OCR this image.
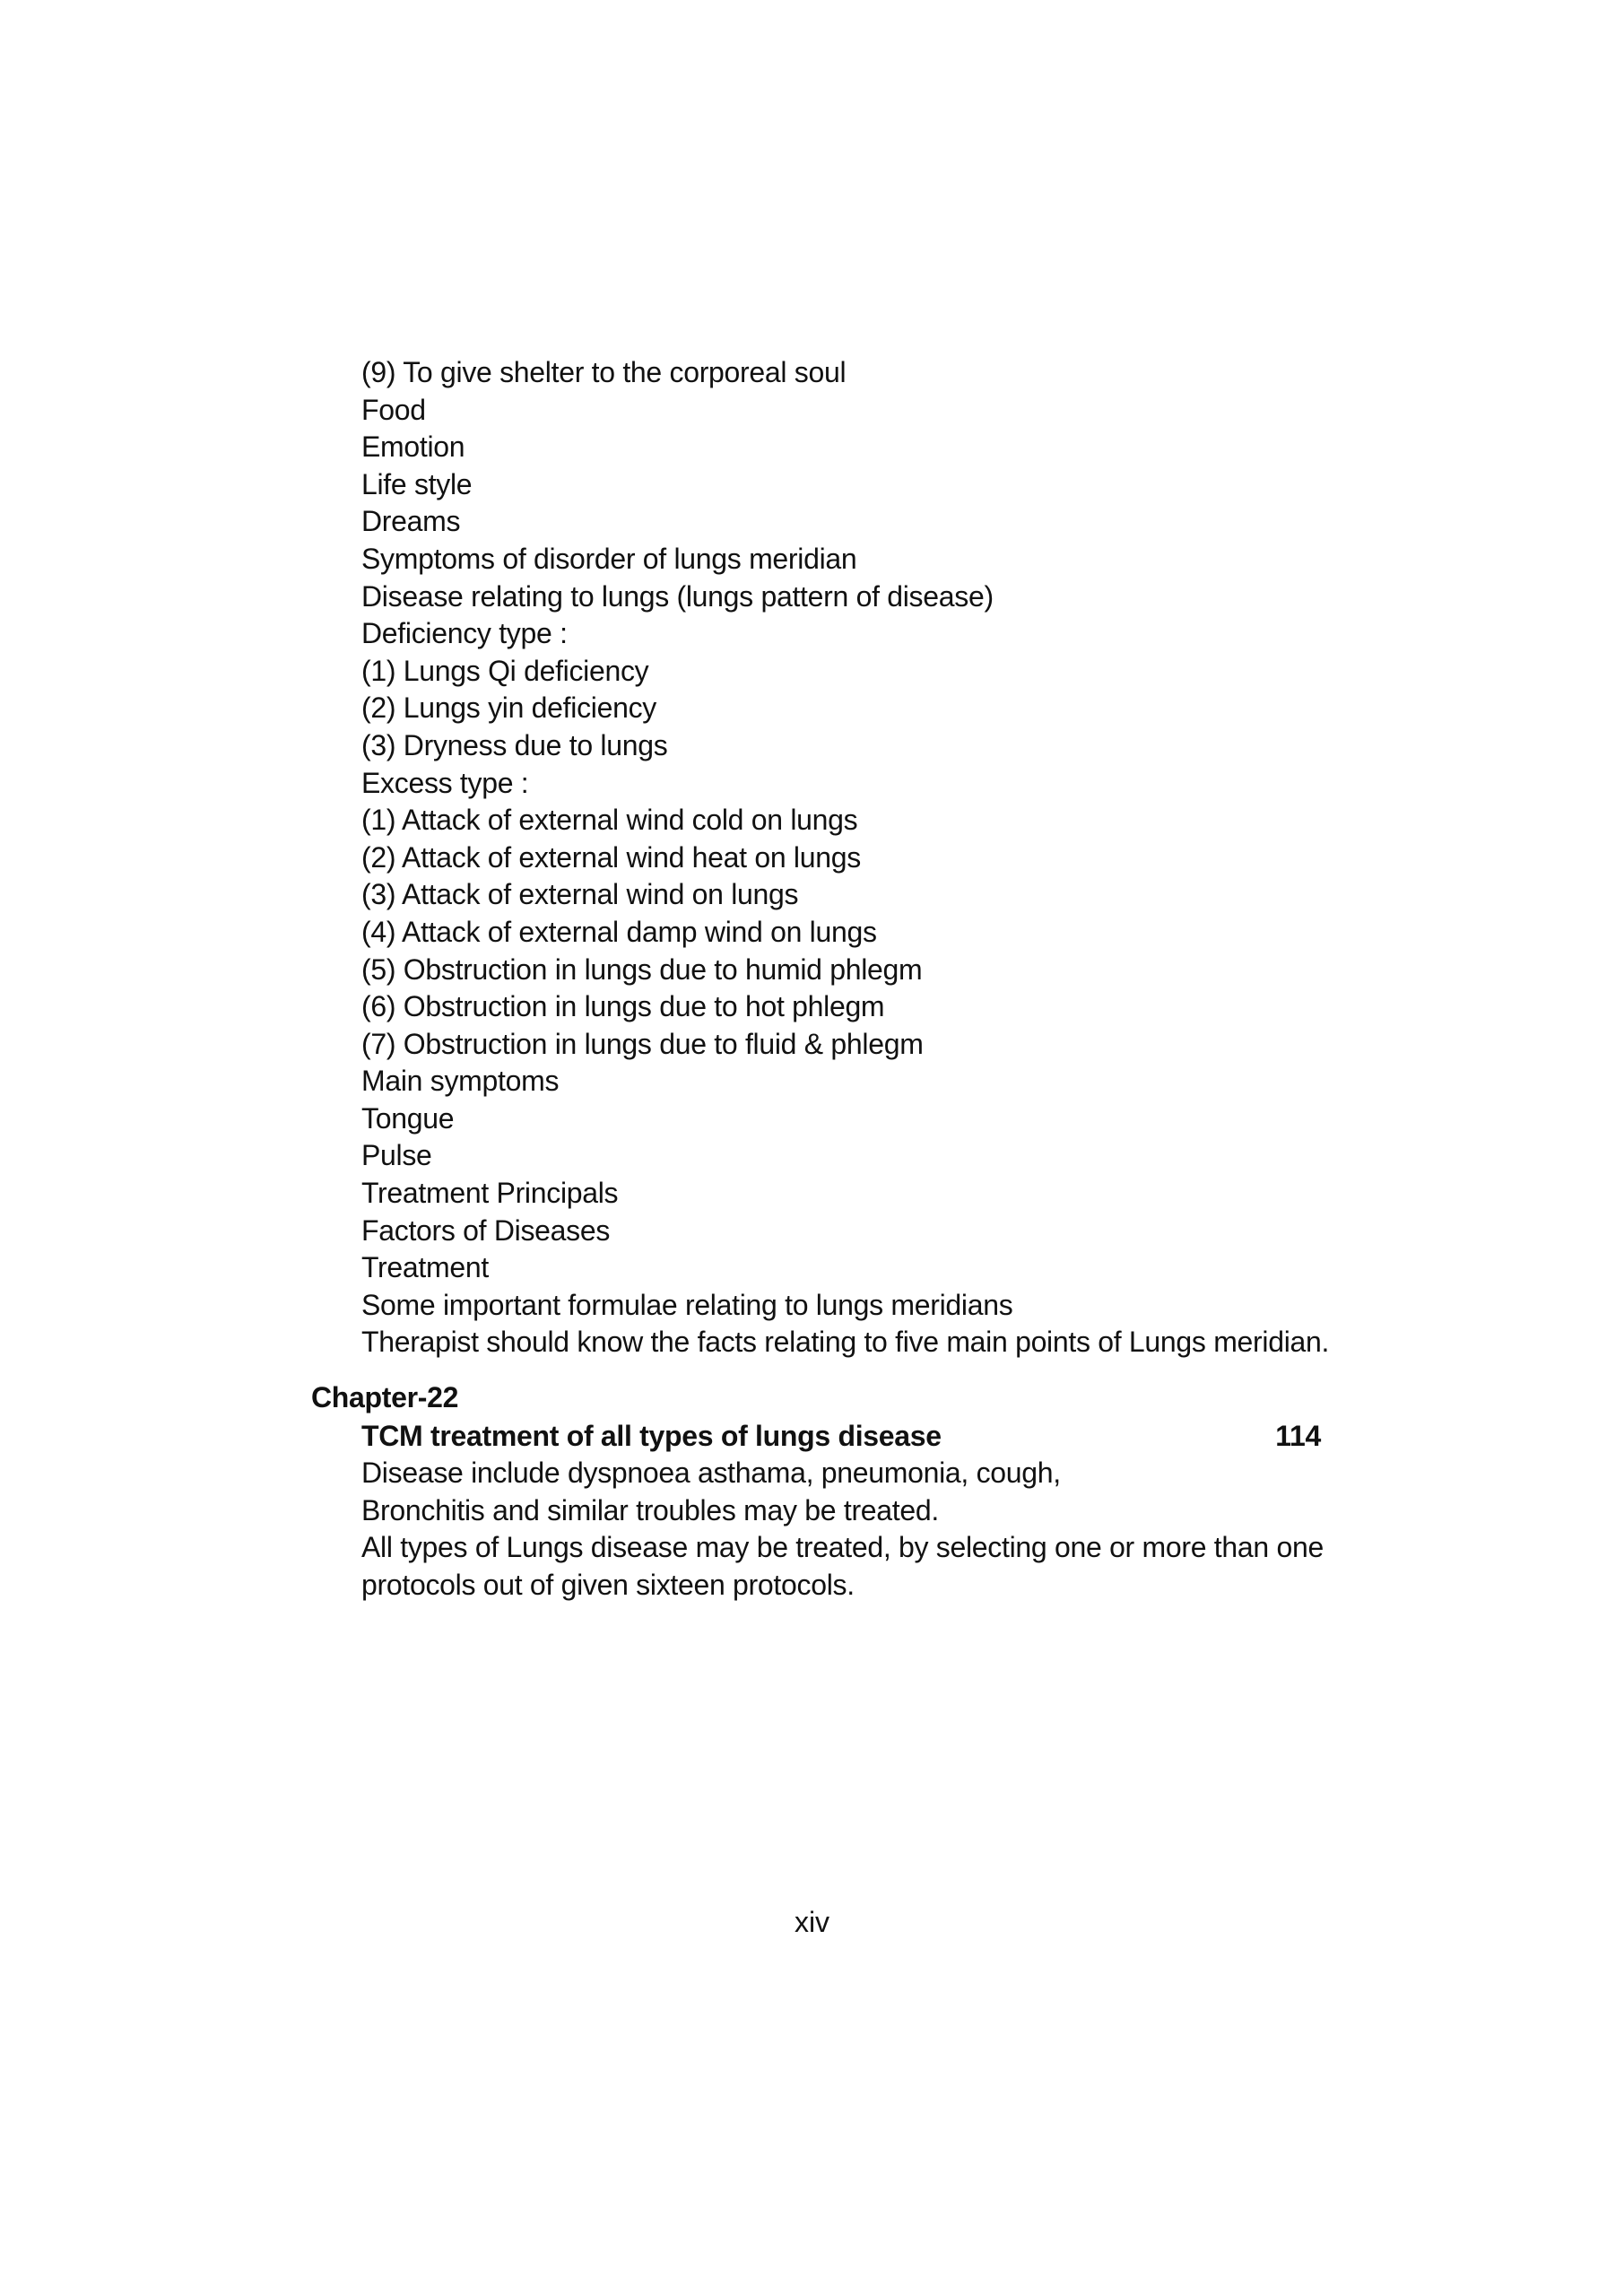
(9) To give shelter to the corporeal soul
Food
Emotion
Life style
Dreams
Symptoms of disorder of lungs meridian
Disease relating to lungs (lungs pattern of disease)
Deficiency type :
(1) Lungs Qi deficiency
(2) Lungs yin deficiency
(3) Dryness due to lungs
Excess type :
(1) Attack of external wind cold on lungs
(2) Attack of external wind heat on lungs
(3) Attack of external wind on lungs
(4) Attack of external damp wind on lungs
(5) Obstruction in lungs due to humid phlegm
(6) Obstruction in lungs due to hot phlegm
(7) Obstruction in lungs due to fluid & phlegm
Main symptoms
Tongue
Pulse
Treatment Principals
Factors of Diseases
Treatment
Some important formulae relating to lungs meridians
Therapist should know the facts relating to five main points of Lungs meridian.
Chapter-22
TCM treatment of all types of lungs disease	114
Disease include dyspnoea asthama, pneumonia, cough,
Bronchitis and similar troubles may be treated.
All types of Lungs disease may be treated, by selecting one or more than one
protocols out of given sixteen protocols.
xiv
